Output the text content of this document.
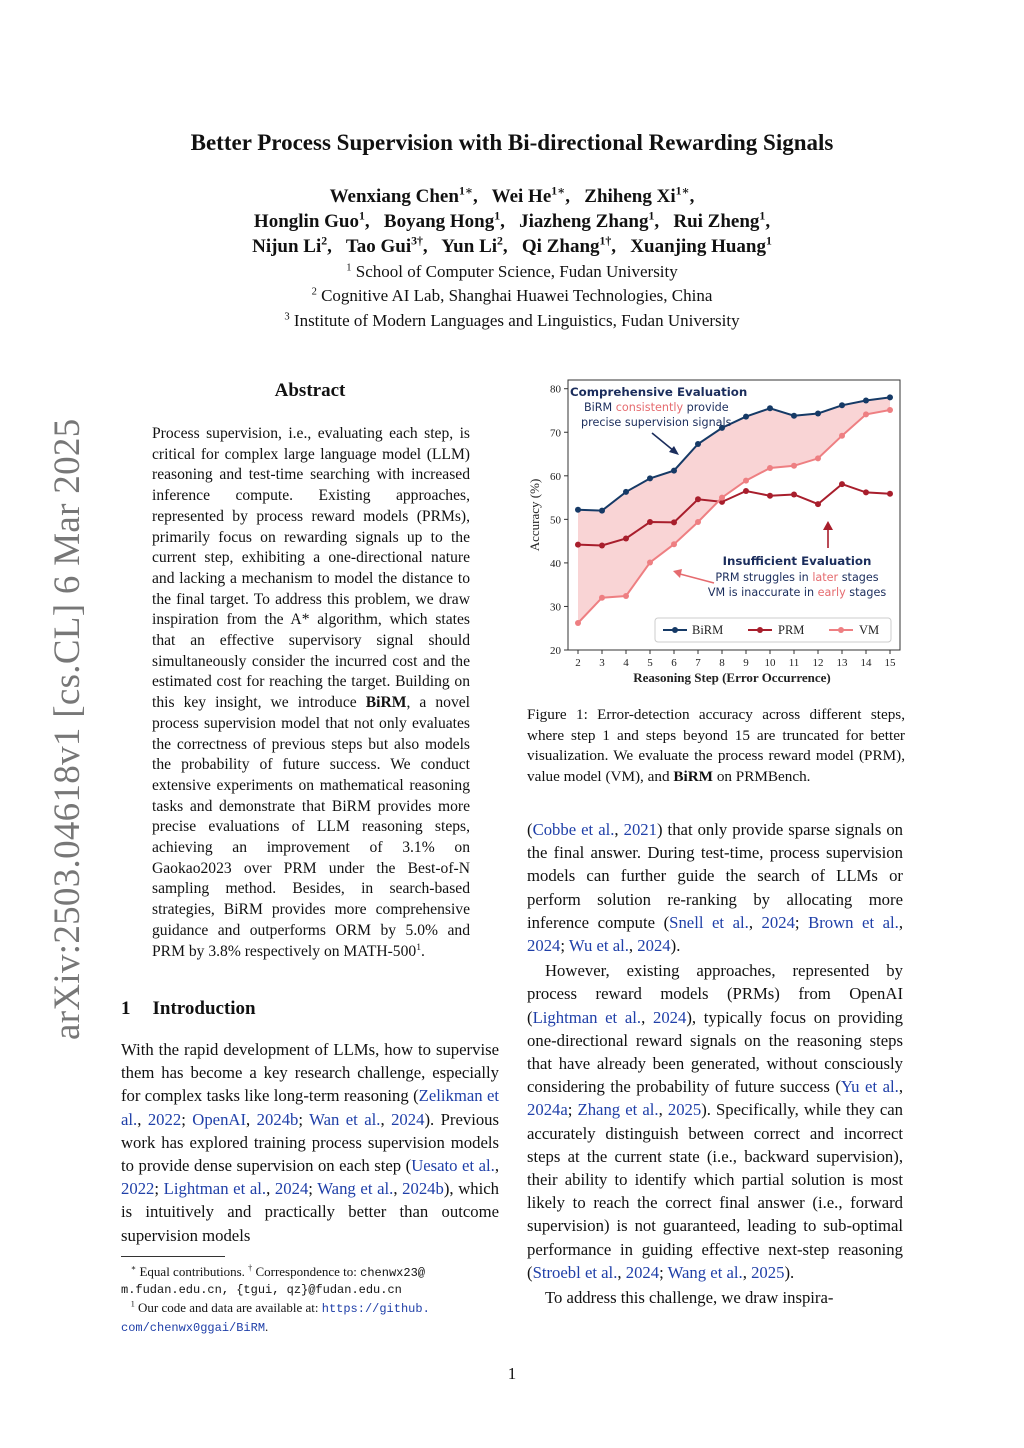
Better Process Supervision with Bi-directional Rewarding Signals
Wenxiang Chen$^{1∗}$,   Wei $He^{1∗}$,   Zhiheng $Xi^{1∗}$,
Honglin Guo$^1$,   Boyang Hong$^1$,   Jiazheng Zhang$^1$,   Rui Zheng$^1$,
Nijun Li$^2$,   Tao Gui$^{3\dagger}$,   Yun Li$^2$,   Qi Zhang$^{1\dagger}$,   Xuanjing Huang$^1$
$^1$ School of Computer Science, Fudan University
$^2$ Cognitive AI Lab, Shanghai Huawei Technologies, China
$^3$ Institute of Modern Languages and Linguistics, Fudan University
arXiv:2503.04618v1 [cs.CL] 6 Mar 2025
Abstract
Process supervision, i.e., evaluating each step, is critical for complex large language model (LLM) reasoning and test-time searching with increased inference compute. Existing approaches, represented by process reward models (PRMs), primarily focus on rewarding signals up to the current step, exhibiting a one-directional nature and lacking a mechanism to model the distance to the final target. To address this problem, we draw inspiration from the A* algorithm, which states that an effective supervisory signal should simultaneously consider the incurred cost and the estimated cost for reaching the target. Building on this key insight, we introduce BiRM, a novel process supervision model that not only evaluates the correctness of previous steps but also models the probability of future success. We conduct extensive experiments on mathematical reasoning tasks and demonstrate that BiRM provides more precise evaluations of LLM reasoning steps, achieving an improvement of 3.1% on Gaokao2023 over PRM under the Best-of-N sampling method. Besides, in search-based strategies, BiRM provides more comprehensive guidance and outperforms ORM by 5.0% and PRM by 3.8% respectively on MATH-$500^1$.
1 Introduction
With the rapid development of LLMs, how to supervise them has become a key research challenge, especially for complex tasks like long-term reasoning (Zelikman et al., 2022; OpenAI, 2024b; Wan et al., 2024). Previous work has explored training process supervision models to provide dense supervision on each step (Uesato et al., 2022; Lightman et al., 2024; Wang et al., 2024b), which is intuitively and practically better than outcome supervision models
∗ Equal contributions. † Correspondence to: chenwx23@
m.fudan.edu.cn, {tgui, qz}@fudan.edu.cn
$^1$ Our code and data are available at: https://github.
com/chenwx0ggai/BiRM.
20
30
40
50
60
70
80
2 3 4 5 6 7 8 9 10 11 12 13 14 15
Accuracy (%)
Reasoning Step (Error Occurrence)
Comprehensive Evaluation
BiRM consistently provide
precise supervision signals
Insufficient Evaluation
PRM struggles in later stages
VM is inaccurate in early stages
BiRM	PRM	VM
Figure 1: Error-detection accuracy across different steps, where step 1 and steps beyond 15 are truncated for better visualization. We evaluate the process reward model (PRM), value model (VM), and BiRM on PRMBench.

(Cobbe et al., 2021) that only provide sparse signals on the final answer. During test-time, process supervision models can further guide the search of LLMs or perform solution re-ranking by allocating more inference compute (Snell et al., 2024; Brown et al., 2024; Wu et al., 2024).

However, existing approaches, represented by process reward models (PRMs) from OpenAI (Lightman et al., 2024), typically focus on providing one-directional reward signals on the reasoning steps that have already been generated, without consciously considering the probability of future success (Yu et al., 2024a; Zhang et al., 2025). Specifically, while they can accurately distinguish between correct and incorrect steps at the current state (i.e., backward supervision), their ability to identify which partial solution is most likely to reach the correct final answer (i.e., forward supervision) is not guaranteed, leading to sub-optimal performance in guiding effective next-step reasoning (Stroebl et al., 2024; Wang et al., 2025).

To address this challenge, we draw inspira-

1
